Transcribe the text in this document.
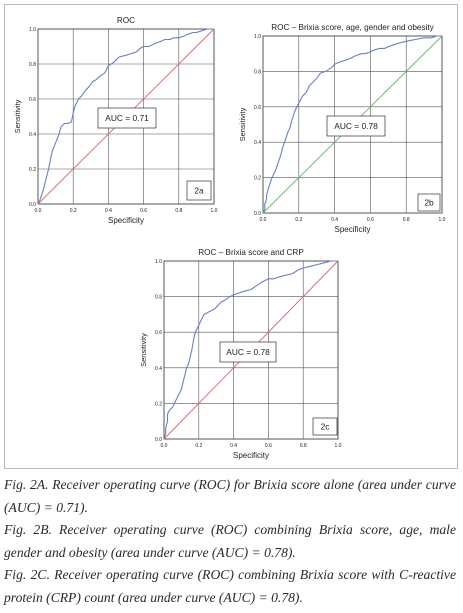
0.0	0.2	0.4	0.6	0.8	1.0
0.0
0.2
0.4
0.6
0.8
1.0
ROC
Specificity
Sensitivity	AUC = 0.71
2a
0.0	0.2	0.4	0.6	0.8	1.0
0.0
0.2
0.4
0.6
0.8
1.0
ROC – Brixia score, age, gender and obesity
Specificity
Sensitivity	AUC = 0.78
2b
0.0	0.2	0.4	0.6	0.8	1.0
0.0
0.2
0.4
0.6
0.8
1.0
ROC – Brixia score and CRP
Specificity
Sensitivity	AUC = 0.78
2c

Fig. 2A. Receiver operating curve (ROC) for Brixia score alone (area under curve (AUC) = 0.71).

Fig. 2B. Receiver operating curve (ROC) combining Brixia score, age, male gender and obesity (area under curve (AUC) = 0.78).

Fig. 2C. Receiver operating curve (ROC) combining Brixia score with C-reactive protein (CRP) count (area under curve (AUC) = 0.78).
